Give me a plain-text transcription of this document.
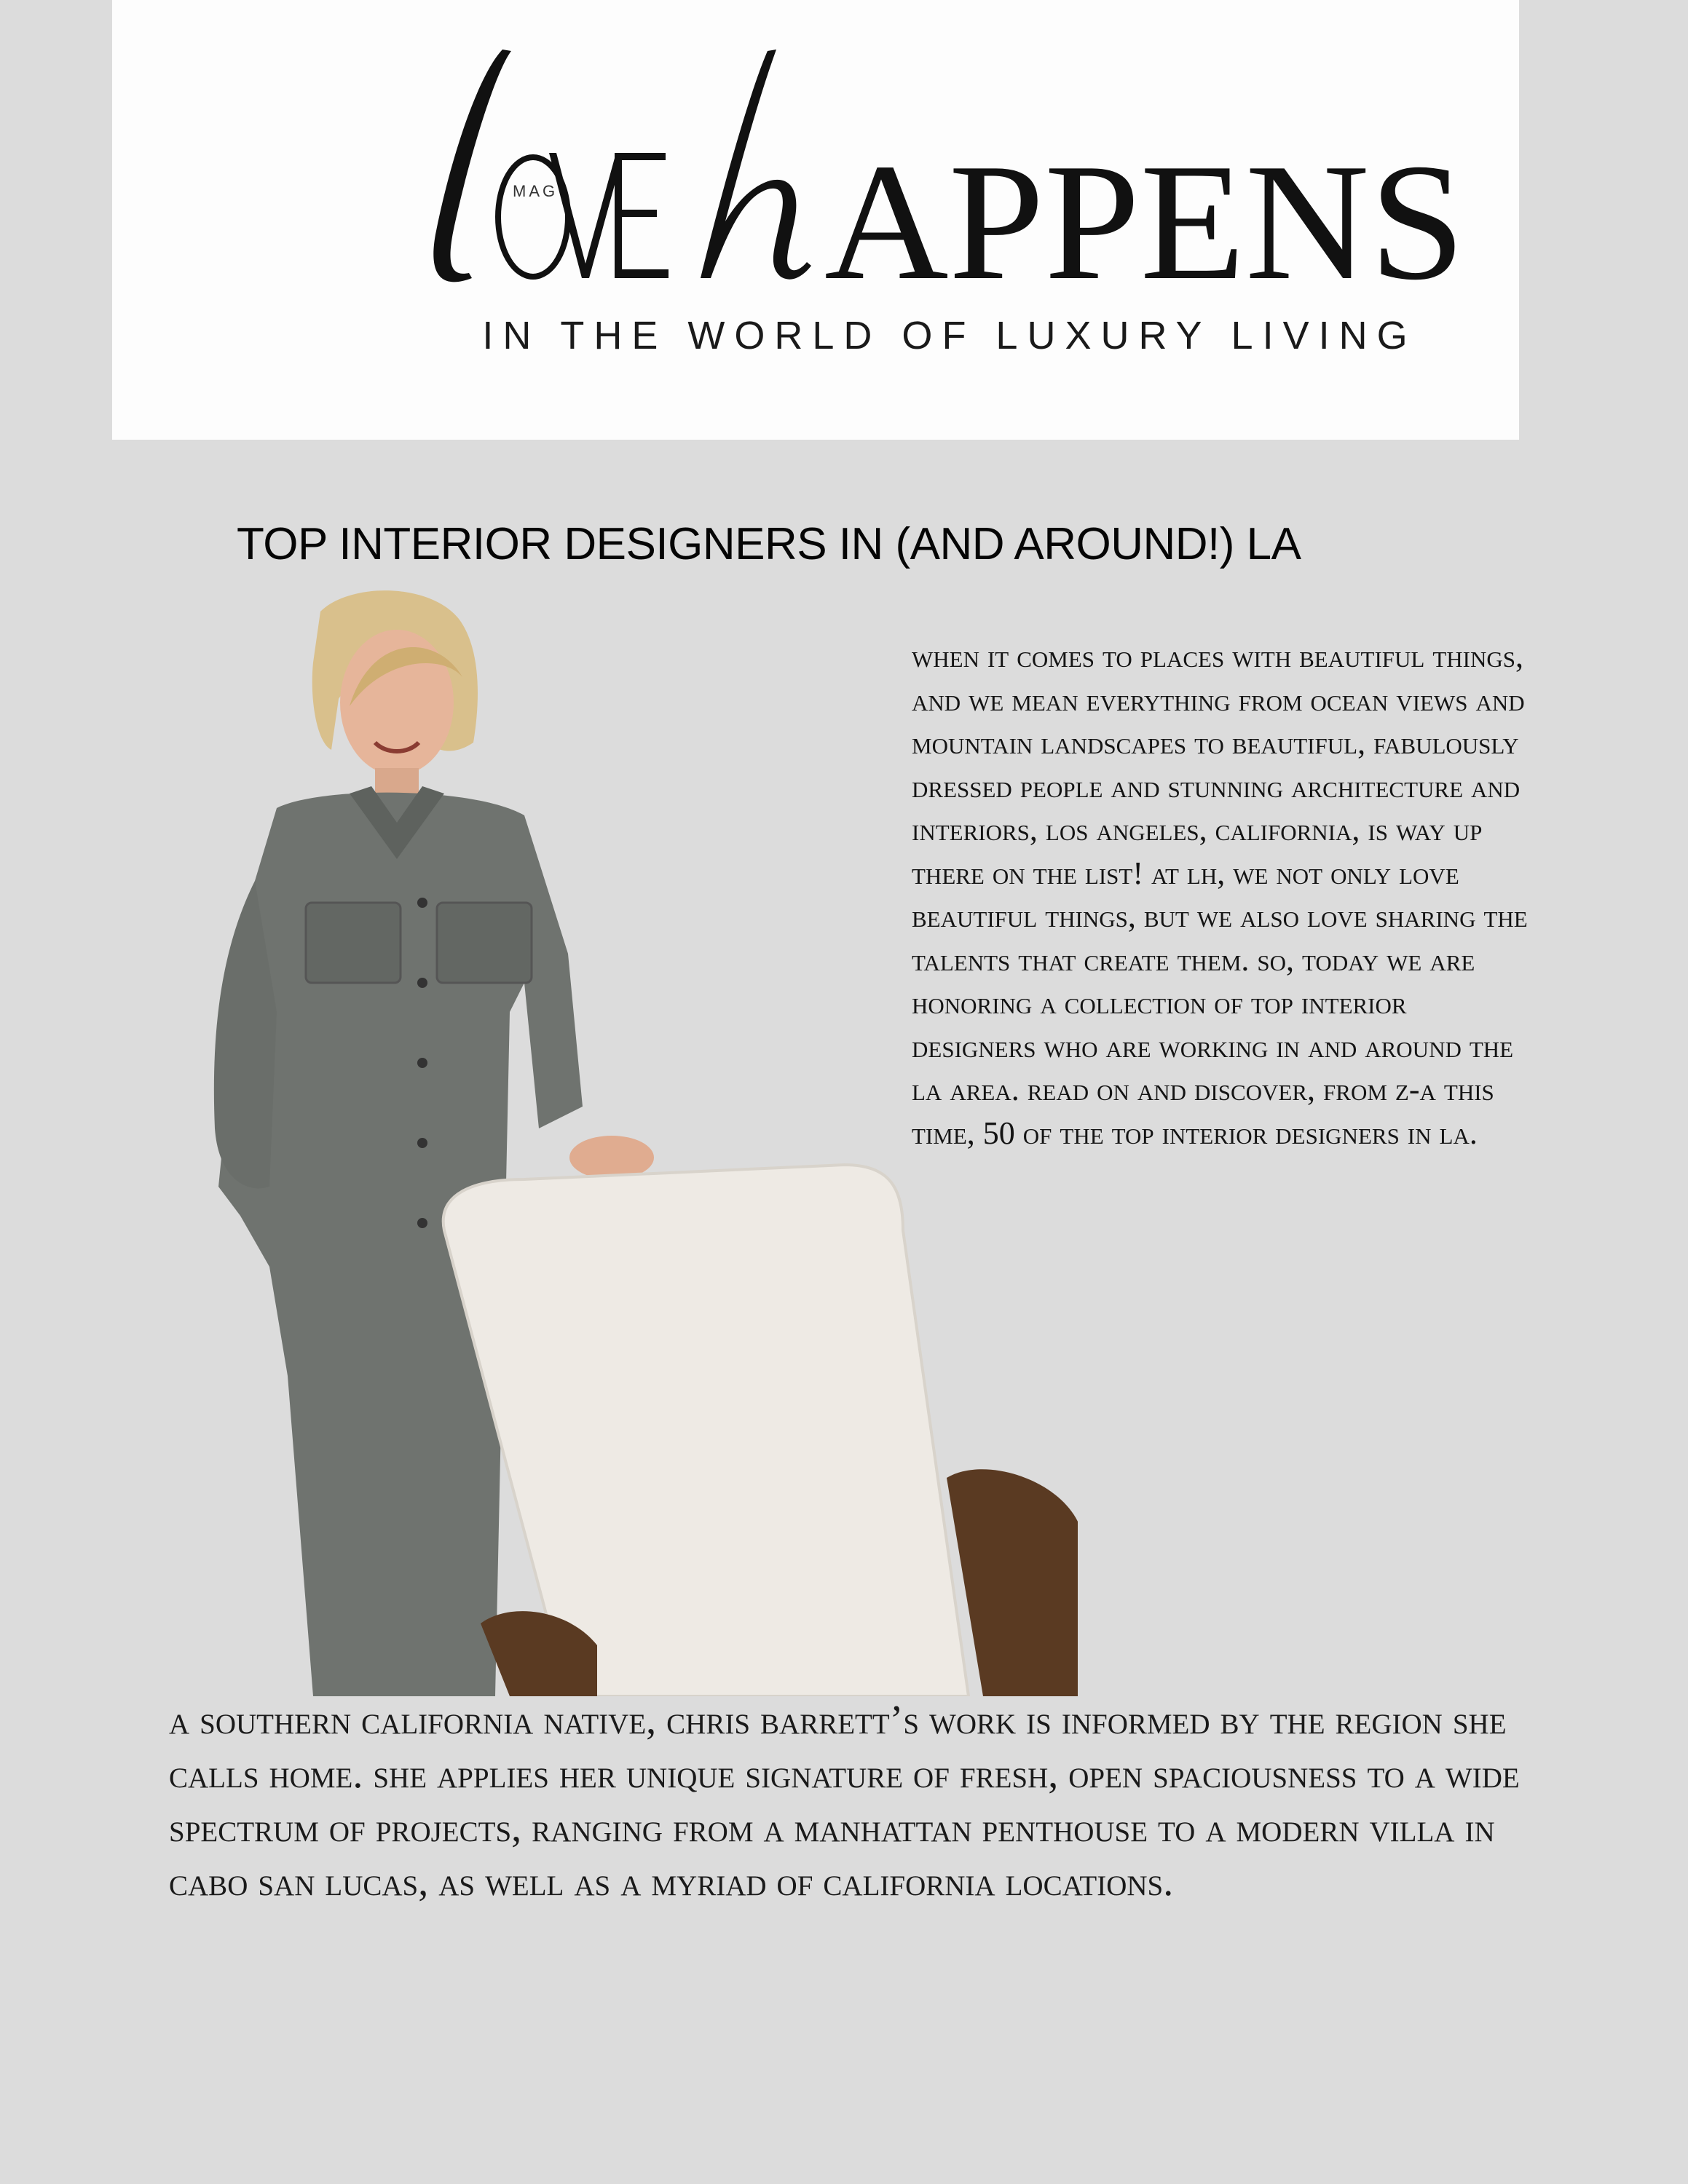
APPENS
MAG
IN THE WORLD OF LUXURY LIVING
TOP INTERIOR DESIGNERS IN (AND AROUND!) LA

when it comes to places with beautiful things, and we mean everything from ocean views and mountain landscapes to beautiful, fabulously dressed people and stunning architecture and interiors, los angeles, california, is way up there on the list! at lh, we not only love beautiful things, but we also love sharing the talents that create them. so, today we are honoring a collection of top interior designers who are working in and around the la area. read on and discover, from z-a this time, 50 of the top interior designers in la.

a southern california native, chris barrett’s work is informed by the region she calls home. she applies her unique signature of fresh, open spaciousness to a wide spectrum of projects, ranging from a manhattan penthouse to a modern villa in cabo san lucas, as well as a myriad of california locations.
